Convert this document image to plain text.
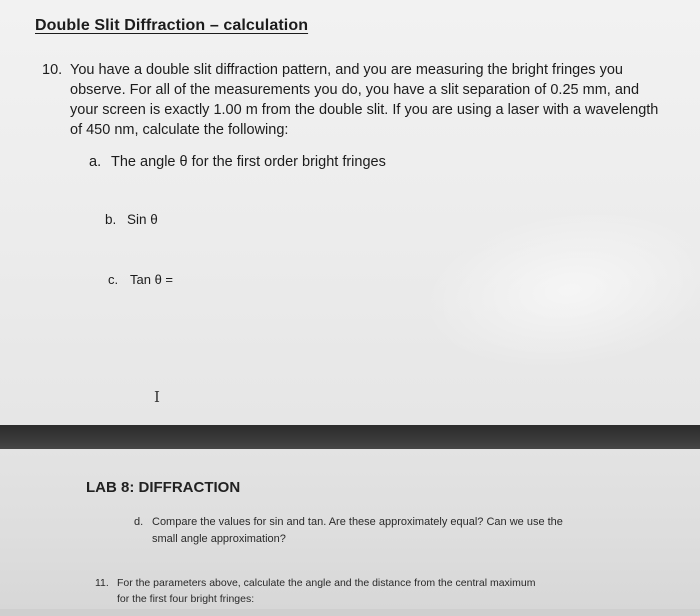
Double Slit Diffraction – calculation
10. You have a double slit diffraction pattern, and you are measuring the bright fringes you
observe. For all of the measurements you do, you have a slit separation of 0.25 mm, and
your screen is exactly 1.00 m from the double slit. If you are using a laser with a wavelength
of 450 nm, calculate the following:
a. The angle θ for the first order bright fringes
b. Sin θ
c. Tan θ =
I
LAB 8: DIFFRACTION
d. Compare the values for sin and tan. Are these approximately equal? Can we use the
small angle approximation?
11. For the parameters above, calculate the angle and the distance from the central maximum
for the first four bright fringes:
